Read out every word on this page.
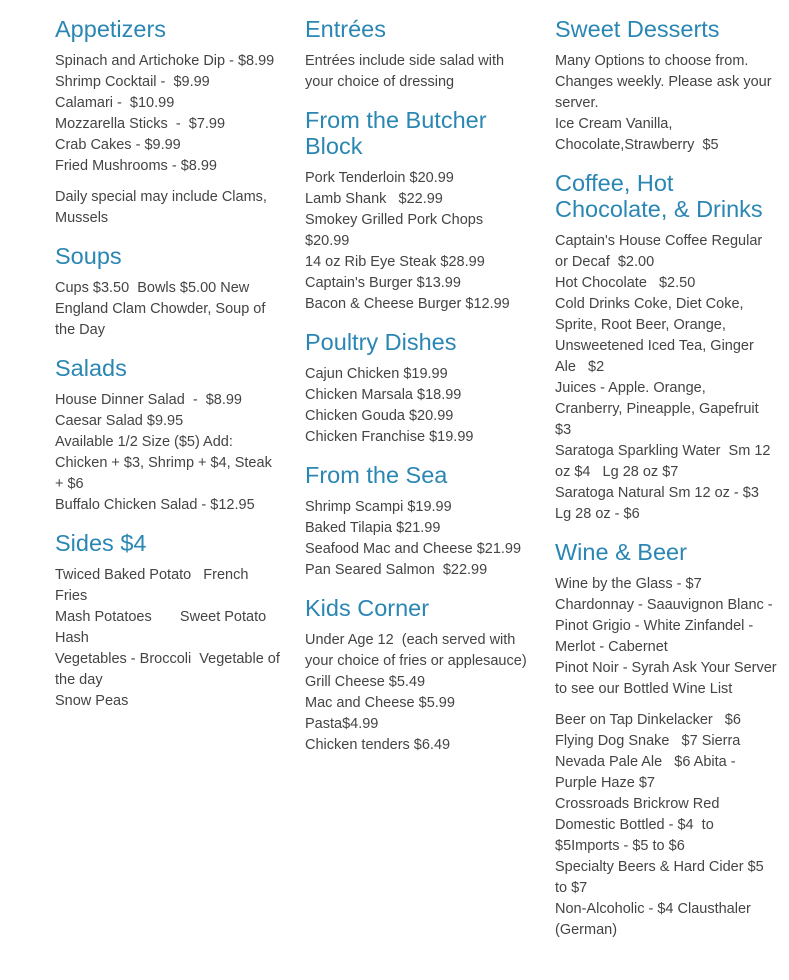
Appetizers

Spinach and Artichoke Dip - $8.99

Shrimp Cocktail -  $9.99

Calamari -  $10.99

Mozzarella Sticks  -  $7.99

Crab Cakes - $9.99

Fried Mushrooms - $8.99

Daily special may include Clams, Mussels

Soups

Cups $3.50  Bowls $5.00 New England Clam Chowder, Soup of the Day

Salads

House Dinner Salad  -  $8.99

Caesar Salad $9.95

Available 1/2 Size ($5) Add: Chicken + $3, Shrimp + $4, Steak + $6

Buffalo Chicken Salad - $12.95

Sides $4

Twiced Baked Potato   French Fries

Mash Potatoes       Sweet Potato Hash

Vegetables - Broccoli  Vegetable of the day

Snow Peas

Entrées

Entrées include side salad with your choice of dressing

From the Butcher Block

Pork Tenderloin $20.99

Lamb Shank   $22.99

Smokey Grilled Pork Chops $20.99

14 oz Rib Eye Steak $28.99

Captain's Burger $13.99

Bacon & Cheese Burger $12.99

Poultry Dishes

Cajun Chicken $19.99

Chicken Marsala $18.99

Chicken Gouda $20.99

Chicken Franchise $19.99

From the Sea

Shrimp Scampi $19.99

Baked Tilapia $21.99

Seafood Mac and Cheese $21.99

Pan Seared Salmon  $22.99

Kids Corner

Under Age 12  (each served with your choice of fries or applesauce)

Grill Cheese $5.49

Mac and Cheese $5.99

Pasta$4.99

Chicken tenders $6.49

Sweet Desserts

Many Options to choose from. Changes weekly. Please ask your server.

Ice Cream Vanilla, Chocolate,Strawberry  $5

Coffee, Hot Chocolate, & Drinks

Captain's House Coffee Regular or Decaf  $2.00

Hot Chocolate   $2.50

Cold Drinks Coke, Diet Coke, Sprite, Root Beer, Orange, Unsweetened Iced Tea, Ginger Ale   $2

Juices - Apple. Orange, Cranberry, Pineapple, Gapefruit $3

Saratoga Sparkling Water  Sm 12 oz $4   Lg 28 oz $7

Saratoga Natural Sm 12 oz - $3    Lg 28 oz - $6

Wine & Beer

Wine by the Glass - $7

Chardonnay - Saauvignon Blanc - Pinot Grigio - White Zinfandel - Merlot - Cabernet

Pinot Noir - Syrah Ask Your Server to see our Bottled Wine List

Beer on Tap Dinkelacker   $6

Flying Dog Snake   $7 Sierra Nevada Pale Ale   $6 Abita - Purple Haze $7

Crossroads Brickrow Red

Domestic Bottled - $4  to $5Imports - $5 to $6

Specialty Beers & Hard Cider $5 to $7

Non-Alcoholic - $4 Clausthaler (German)
